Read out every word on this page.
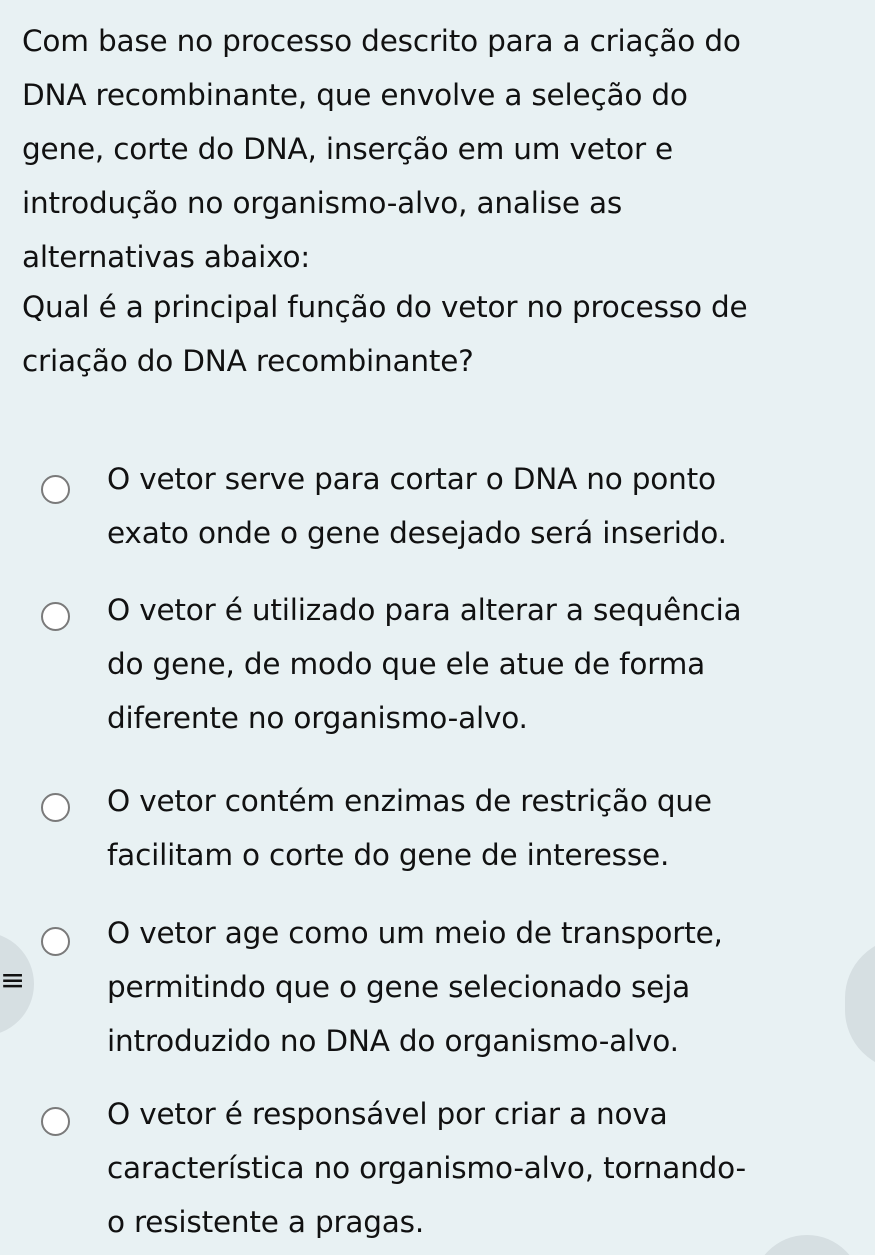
Com base no processo descrito para a criação do

DNA recombinante, que envolve a seleção do

gene, corte do DNA, inserção em um vetor e

introdução no organismo-alvo, analise as

alternativas abaixo:

Qual é a principal função do vetor no processo de
criação do DNA recombinante?
O vetor serve para cortar o DNA no ponto
exato onde o gene desejado será inserido.
O vetor é utilizado para alterar a sequência
do gene, de modo que ele atue de forma
diferente no organismo-alvo.
O vetor contém enzimas de restrição que
facilitam o corte do gene de interesse.
O vetor age como um meio de transporte,
permitindo que o gene selecionado seja
introduzido no DNA do organismo-alvo.
O vetor é responsável por criar a nova
característica no organismo-alvo, tornando-
o resistente a pragas.
≡
